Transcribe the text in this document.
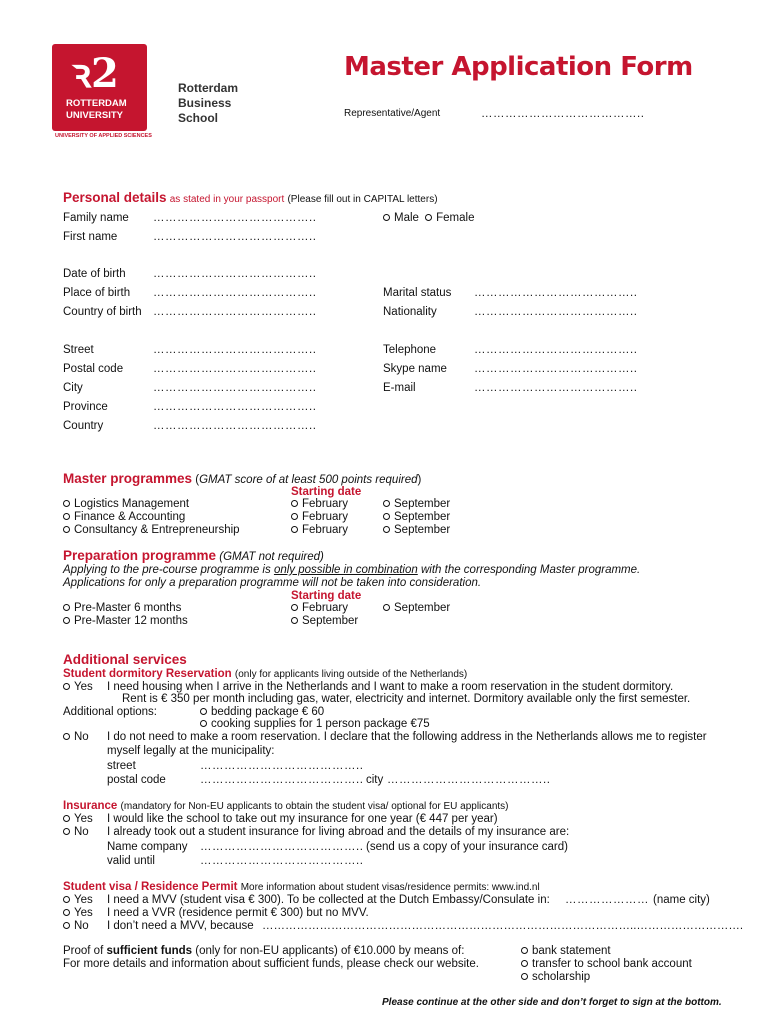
ꝛ2
ROTTERDAM
UNIVERSITY
UNIVERSITY OF APPLIED SCIENCES
Rotterdam
Business
School
Master Application Form
Representative/Agent	…………………………………..
Personal details as stated in your passport (Please fill out in CAPITAL letters)
Family name …………………………………..	Male Female
First name	…………………………………..
Date of birth …………………………………..
Place of birth …………………………………..	Marital status …………………………………..
Country of birth …………………………………..	Nationality	…………………………………..
Street	…………………………………..	Telephone	…………………………………..
Postal code	…………………………………..	Skype name …………………………………..
City	…………………………………..	E-mail	…………………………………..
Province	…………………………………..
Country	…………………………………..
Master programmes (GMAT score of at least 500 points required)
Starting date
Logistics Management	February	September
Finance & Accounting	February	September
Consultancy & Entrepreneurship	February	September
Preparation programme (GMAT not required)
Applying to the pre-course programme is only possible in combination with the corresponding Master programme.
Applications for only a preparation programme will not be taken into consideration.
Starting date
Pre-Master 6 months	February	September
Pre-Master 12 months	September
Additional services
Student dormitory Reservation (only for applicants living outside of the Netherlands)
Yes I need housing when I arrive in the Netherlands and I want to make a room reservation in the student dormitory.
Rent is € 350 per month including gas, water, electricity and internet. Dormitory available only the first semester.
Additional options:	bedding package € 60
cooking supplies for 1 person package €75
No I do not need to make a room reservation. I declare that the following address in the Netherlands allows me to register
myself legally at the municipality:
street	…………………………………..
postal code	………………………………….. city …………………………………..
Insurance (mandatory for Non-EU applicants to obtain the student visa/ optional for EU applicants)
Yes I would like the school to take out my insurance for one year (€ 447 per year)
No I already took out a student insurance for living abroad and the details of my insurance are:
Name company ………………………………….. (send us a copy of your insurance card)
valid until	…………………………………..
Student visa / Residence Permit More information about student visas/residence permits: www.ind.nl
Yes I need a MVV (student visa € 300). To be collected at the Dutch Embassy/Consulate in: ………………… (name city)
Yes I need a VVR (residence permit € 300) but no MVV.
No I don’t need a MVV, because ……………………………………………………………………………………..……………………….
Proof of sufficient funds (only for non-EU applicants) of €10.000 by means of:
For more details and information about sufficient funds, please check our website.
bank statement
transfer to school bank account
scholarship
Please continue at the other side and don’t forget to sign at the bottom.
